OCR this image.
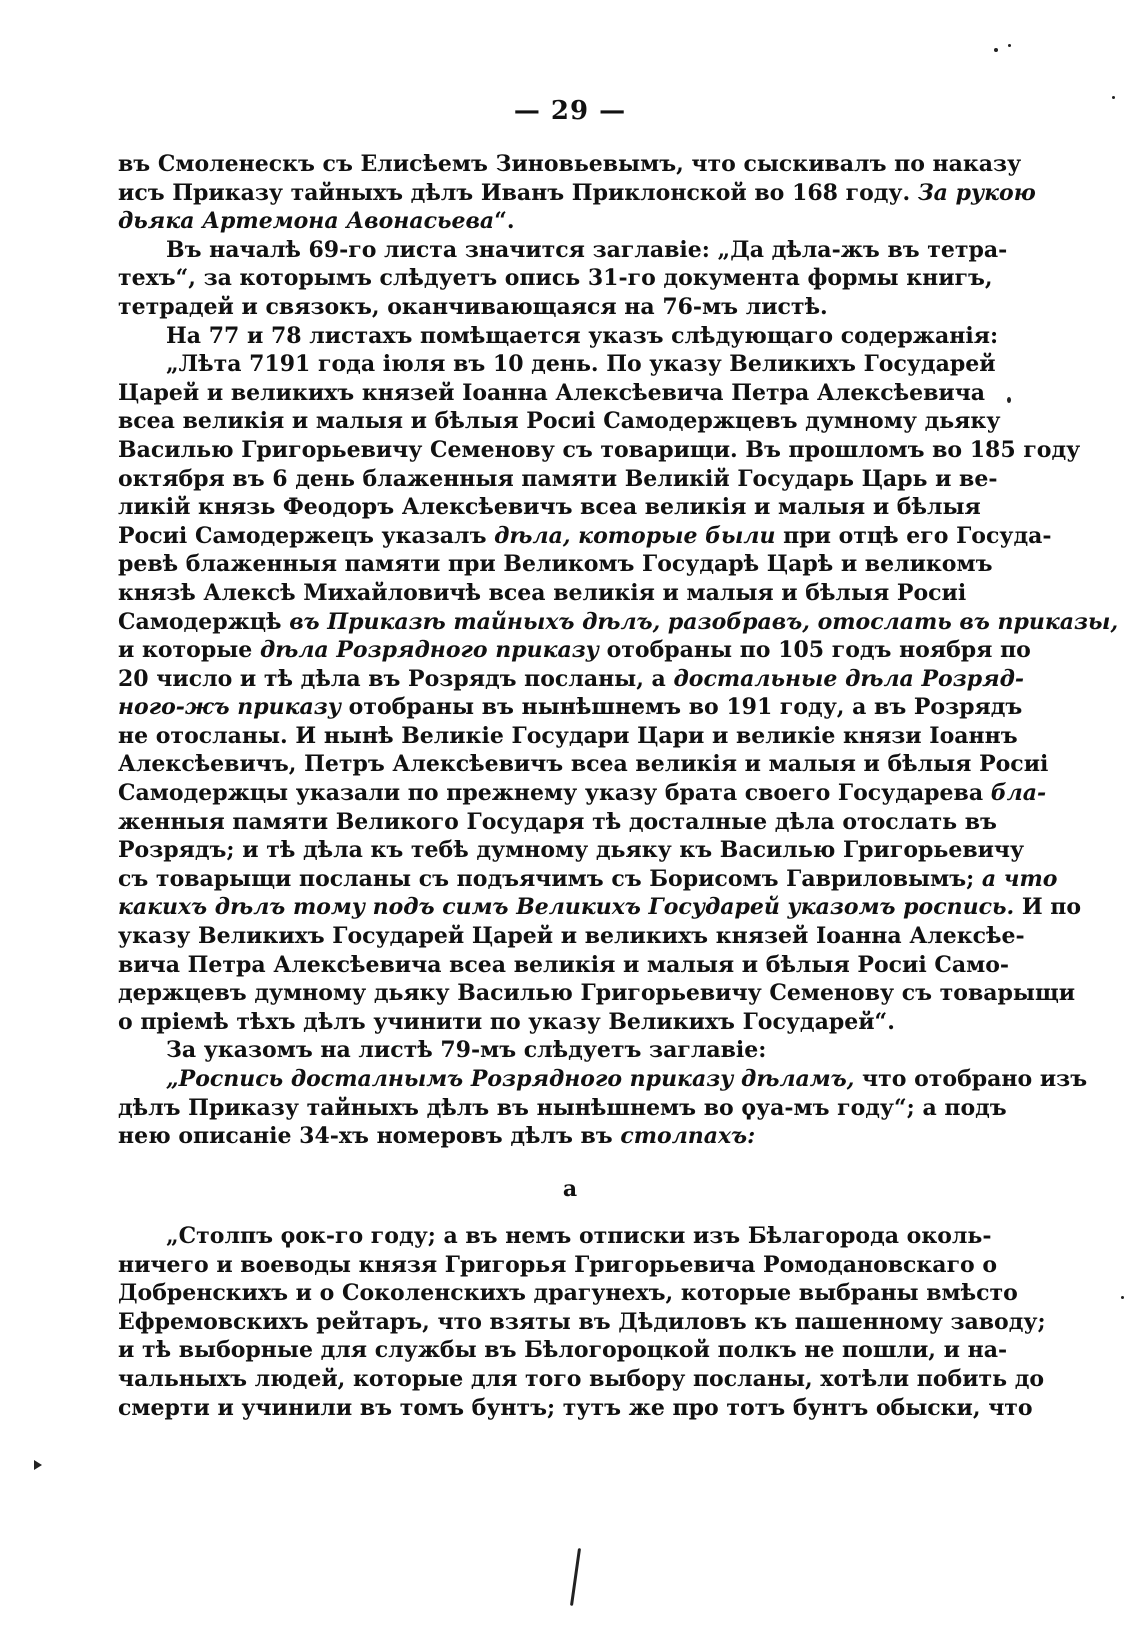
— 29 —
въ Смоленескъ съ Елисѣемъ Зиновьевымъ, что сыскивалъ по наказу
исъ Приказу тайныхъ дѣлъ Иванъ Приклонской во 168 году. За рукою
дьяка Артемона Авонасьева“.
Въ началѣ 69-го листа значится заглавіе: „Да дѣла-жъ въ тетра-
техъ“, за которымъ слѣдуетъ опись 31-го документа формы книгъ,
тетрадей и связокъ, оканчивающаяся на 76-мъ листѣ.
На 77 и 78 листахъ помѣщается указъ слѣдующаго содержанія:
„Лѣта 7191 года іюля въ 10 день. По указу Великихъ Государей
Царей и великихъ князей Іоанна Алексѣевича Петра Алексѣевича
всеа великія и малыя и бѣлыя Росиі Самодержцевъ думному дьяку
Василью Григорьевичу Семенову съ товарищи. Въ прошломъ во 185 году
октября въ 6 день блаженныя памяти Великій Государь Царь и ве-
ликій князь Феодоръ Алексѣевичъ всеа великія и малыя и бѣлыя
Росиі Самодержецъ указалъ дѣла, которые были при отцѣ его Госуда-
ревѣ блаженныя памяти при Великомъ Государѣ Царѣ и великомъ
князѣ Алексѣ Михайловичѣ всеа великія и малыя и бѣлыя Росиі
Самодержцѣ въ Приказѣ тайныхъ дѣлъ, разобравъ, отослать въ приказы,
и которые дѣла Розрядного приказу отобраны по 105 годъ ноября по
20 число и тѣ дѣла въ Розрядъ посланы, а достальные дѣла Розряд-
ного-жъ приказу отобраны въ нынѣшнемъ во 191 году, а въ Розрядъ
не отосланы. И нынѣ Великіе Государи Цари и великіе князи Іоаннъ
Алексѣевичъ, Петръ Алексѣевичъ всеа великія и малыя и бѣлыя Росиі
Самодержцы указали по прежнему указу брата своего Государева бла-
женныя памяти Великого Государя тѣ досталные дѣла отослать въ
Розрядъ; и тѣ дѣла къ тебѣ думному дьяку къ Василью Григорьевичу
съ товарыщи посланы съ подъячимъ съ Борисомъ Гавриловымъ; а что
какихъ дѣлъ тому подъ симъ Великихъ Государей указомъ роспись. И по
указу Великихъ Государей Царей и великихъ князей Іоанна Алексѣе-
вича Петра Алексѣевича всеа великія и малыя и бѣлыя Росиі Само-
держцевъ думному дьяку Василью Григорьевичу Семенову съ товарыщи
о пріемѣ тѣхъ дѣлъ учинити по указу Великихъ Государей“.
За указомъ на листѣ 79-мъ слѣдуетъ заглавіе:
„Роспись досталнымъ Розрядного приказу дѣламъ, что отобрано изъ
дѣлъ Приказу тайныхъ дѣлъ въ нынѣшнемъ во ϙуа-мъ году“; а подъ
нею описаніе 34-хъ номеровъ дѣлъ въ столпахъ:
а
„Столпъ ϙок-го году; а въ немъ отписки изъ Бѣлагорода околь-
ничего и воеводы князя Григорья Григорьевича Ромодановскаго о
Добренскихъ и о Соколенскихъ драгунехъ, которые выбраны вмѣсто
Ефремовскихъ рейтаръ, что взяты въ Дѣдиловъ къ пашенному заводу;
и тѣ выборные для службы въ Бѣлогороцкой полкъ не пошли, и на-
чальныхъ людей, которые для того выбору посланы, хотѣли побить до
смерти и учинили въ томъ бунтъ; тутъ же про тотъ бунтъ обыски, что
